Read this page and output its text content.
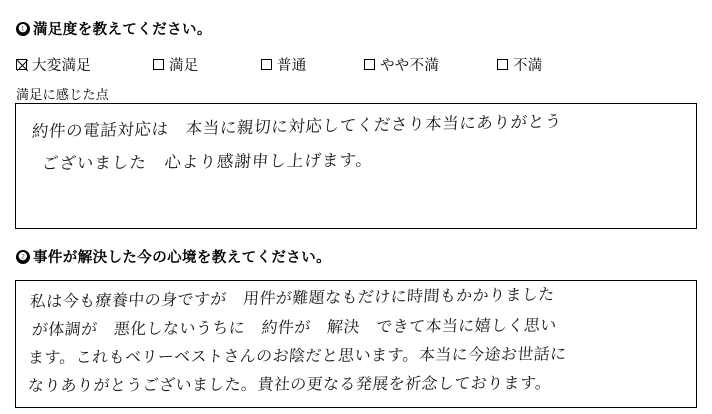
❶ 満足度を教えてください。
大変満足	満足	普通	やや不満	不満
満足に感じた点
約件の電話対応は　本当に親切に対応してくださり本当にありがとう
ございました　心より感謝申し上げます。
❷ 事件が解決した今の心境を教えてください。
私は今も療養中の身ですが　用件が難題なもだけに時間もかかりました
が体調が　悪化しないうちに　約件が　解決　できて本当に嬉しく思い
ます。これもベリーベストさんのお陰だと思います。本当に今途お世話に
なりありがとうございました。貴社の更なる発展を祈念しております。
